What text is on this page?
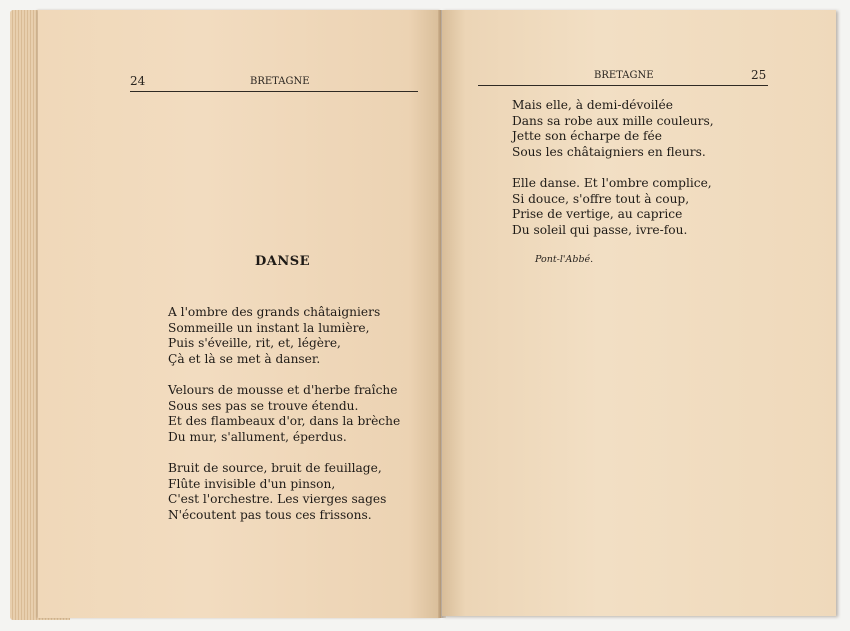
24	BRETAGNE
DANSE
A l'ombre des grands châtaigniers
Sommeille un instant la lumière,
Puis s'éveille, rit, et, légère,
Çà et là se met à danser.
Velours de mousse et d'herbe fraîche
Sous ses pas se trouve étendu.
Et des flambeaux d'or, dans la brèche
Du mur, s'allument, éperdus.
Bruit de source, bruit de feuillage,
Flûte invisible d'un pinson,
C'est l'orchestre. Les vierges sages
N'écoutent pas tous ces frissons.
BRETAGNE	25
Mais elle, à demi-dévoilée
Dans sa robe aux mille couleurs,
Jette son écharpe de fée
Sous les châtaigniers en fleurs.
Elle danse. Et l'ombre complice,
Si douce, s'offre tout à coup,
Prise de vertige, au caprice
Du soleil qui passe, ivre-fou.
Pont-l'Abbé.
